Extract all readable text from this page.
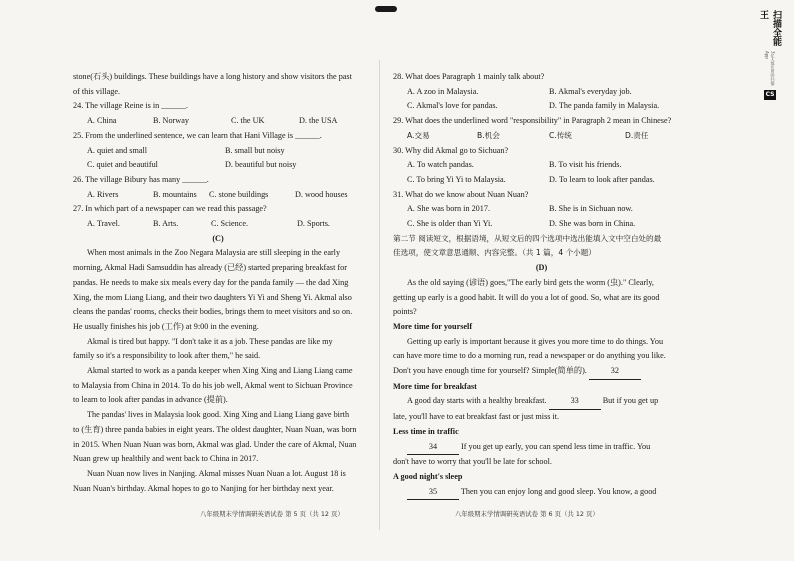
stone(石头) buildings. These buildings have a long history and show visitors the past
of this village.
24. The village Reine is in ______.
A. China	B. Norway	C. the UK	D. the USA
25. From the underlined sentence, we can learn that Hani Village is ______.
A. quiet and small	B. small but noisy
C. quiet and beautiful	D. beautiful but noisy
26. The village Bibury has many ______.
A. Rivers	B. mountains	C. stone buildings	D. wood houses
27. In which part of a newspaper can we read this passage?
A. Travel.	B. Arts.	C. Science.	D. Sports.
(C)
When most animals in the Zoo Negara Malaysia are still sleeping in the early
morning, Akmal Hadi Samsuddin has already (已经) started preparing breakfast for
pandas. He needs to make six meals every day for the panda family — the dad Xing
Xing, the mom Liang Liang, and their two daughters Yi Yi and Sheng Yi. Akmal also
cleans the pandas' rooms, checks their bodies, brings them to meet visitors and so on.
He usually finishes his job (工作) at 9:00 in the evening.
Akmal is tired but happy. "I don't take it as a job. These pandas are like my
family so it's a responsibility to look after them," he said.
Akmal started to work as a panda keeper when Xing Xing and Liang Liang came
to Malaysia from China in 2014. To do his job well, Akmal went to Sichuan Province
to learn to look after pandas in advance (提前).
The pandas' lives in Malaysia look good. Xing Xing and Liang Liang gave birth
to (生育) three panda babies in eight years. The oldest daughter, Nuan Nuan, was born
in 2015. When Nuan Nuan was born, Akmal was glad. Under the care of Akmal, Nuan
Nuan grew up healthily and went back to China in 2017.
Nuan Nuan now lives in Nanjing. Akmal misses Nuan Nuan a lot. August 18 is
Nuan Nuan's birthday. Akmal hopes to go to Nanjing for her birthday next year.
28. What does Paragraph 1 mainly talk about?
A. A zoo in Malaysia.	B. Akmal's everyday job.
C. Akmal's love for pandas.	D. The panda family in Malaysia.
29. What does the underlined word "responsibility" in Paragraph 2 mean in Chinese?
A.交易	B.机会	C.传统	D.责任
30. Why did Akmal go to Sichuan?
A. To watch pandas.	B. To visit his friends.
C. To bring Yi Yi to Malaysia.	D. To learn to look after pandas.
31. What do we know about Nuan Nuan?
A. She was born in 2017.	B. She is in Sichuan now.
C. She is older than Yi Yi.	D. She was born in China.
第二节 阅读短文，根据语境，从短文后的四个选项中选出能填入文中空白处的最
佳选项，使文章意思通顺、内容完整。（共 1 篇，4 个小题）
(D)
As the old saying (谚语) goes,"The early bird gets the worm (虫)." Clearly,
getting up early is a good habit. It will do you a lot of good. So, what are its good
points?
More time for yourself
Getting up early is important because it gives you more time to do things. You
can have more time to do a morning run, read a newspaper or do anything you like.
Don't you have enough time for yourself? Simple(简单的).	32
More time for breakfast
A good day starts with a healthy breakfast.	33	But if you get up
late, you'll have to eat breakfast fast or just miss it.
Less time in traffic
34	If you get up early, you can spend less time in traffic. You
don't have to worry that you'll be late for school.
A good night's sleep
35	Then you can enjoy long and good sleep. You know, a good
八年级期末学情调研英语试卷 第 5 页（共 12 页）	八年级期末学情调研英语试卷 第 6 页（共 12 页）
扫描全能王
3亿人都在用的扫描App
CS
